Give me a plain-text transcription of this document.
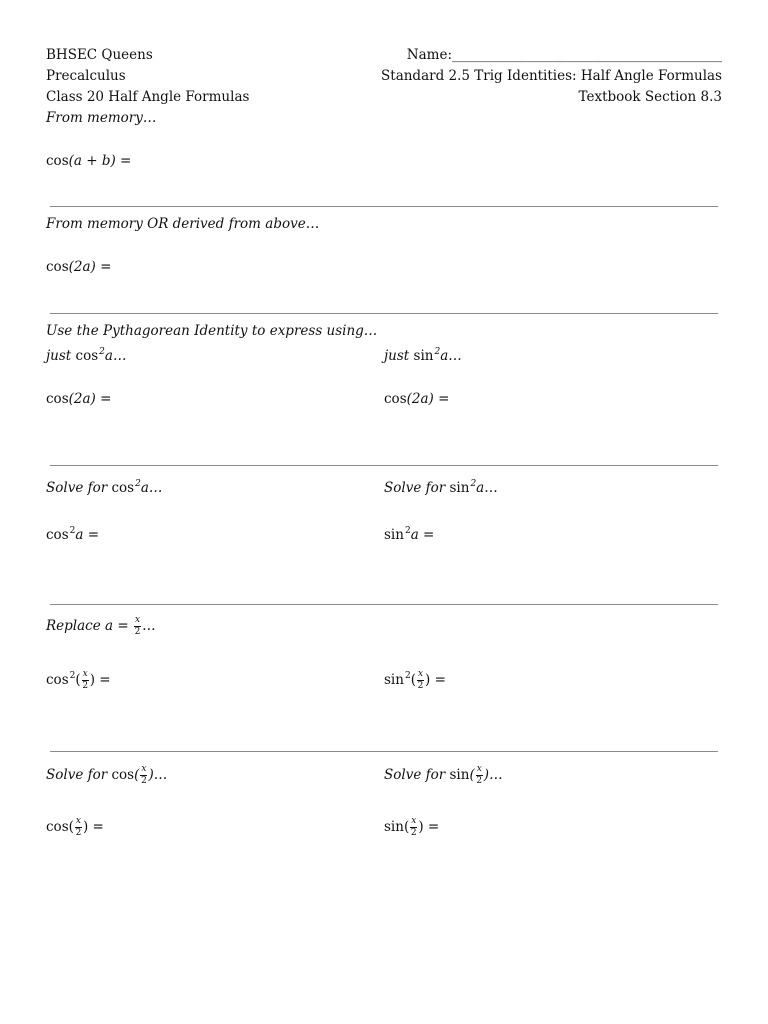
BHSEC Queens
Precalculus
Class 20 Half Angle Formulas
Name:________________________________________
Standard 2.5 Trig Identities: Half Angle Formulas
Textbook Section 8.3
From memory…
cos(a + b) =
From memory OR derived from above…
cos(2a) =
Use the Pythagorean Identity to express using…
just $\cos^2a\dots$	just $\sin^2a\dots$
cos(2a) =	cos(2a) =
Solve for $\cos^2a\dots$	Solve for $\sin^2a\dots$
$\cos^2a$ =	$\sin^2a$ =
Replace $a = \frac{x}{2}$ …
$\cos^2( \frac{x}{2}$ ) =	$\sin^2( \frac{x}{2}$ ) =
Solve for $\cos( \frac{x}{2}$ )…	Solve for $\sin( \frac{x}{2}$ )…
$\cos( \frac{x}{2}$ ) =	$\sin( \frac{x}{2}$ ) =
